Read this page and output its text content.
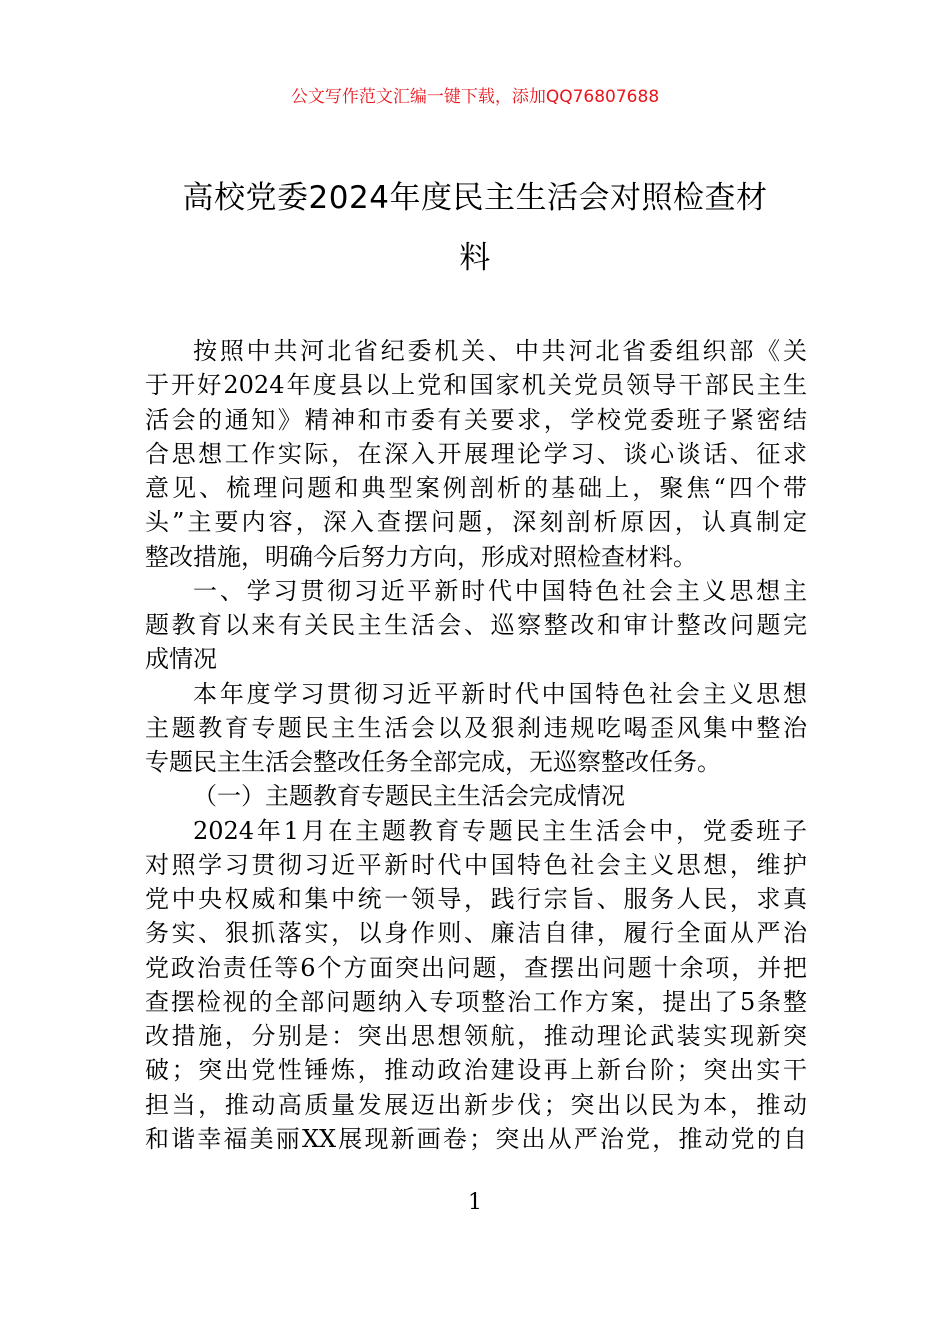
公文写作范文汇编一键下载，添加QQ76807688
高校党委2024年度民主生活会对照检查材
料
按照中共河北省纪委机关、中共河北省委组织部《关
于开好2024年度县以上党和国家机关党员领导干部民主生
活会的通知》精神和市委有关要求，学校党委班子紧密结
合思想工作实际，在深入开展理论学习、谈心谈话、征求
意见、梳理问题和典型案例剖析的基础上，聚焦“四个带
头”主要内容，深入查摆问题，深刻剖析原因，认真制定
整改措施，明确今后努力方向，形成对照检查材料。
一、学习贯彻习近平新时代中国特色社会主义思想主
题教育以来有关民主生活会、巡察整改和审计整改问题完
成情况
本年度学习贯彻习近平新时代中国特色社会主义思想
主题教育专题民主生活会以及狠刹违规吃喝歪风集中整治
专题民主生活会整改任务全部完成，无巡察整改任务。
（一）主题教育专题民主生活会完成情况
2024年1月在主题教育专题民主生活会中，党委班子
对照学习贯彻习近平新时代中国特色社会主义思想，维护
党中央权威和集中统一领导，践行宗旨、服务人民，求真
务实、狠抓落实，以身作则、廉洁自律，履行全面从严治
党政治责任等6个方面突出问题，查摆出问题十余项，并把
查摆检视的全部问题纳入专项整治工作方案，提出了5条整
改措施，分别是：突出思想领航，推动理论武装实现新突
破；突出党性锤炼，推动政治建设再上新台阶；突出实干
担当，推动高质量发展迈出新步伐；突出以民为本，推动
和谐幸福美丽XX展现新画卷；突出从严治党，推动党的自
1
